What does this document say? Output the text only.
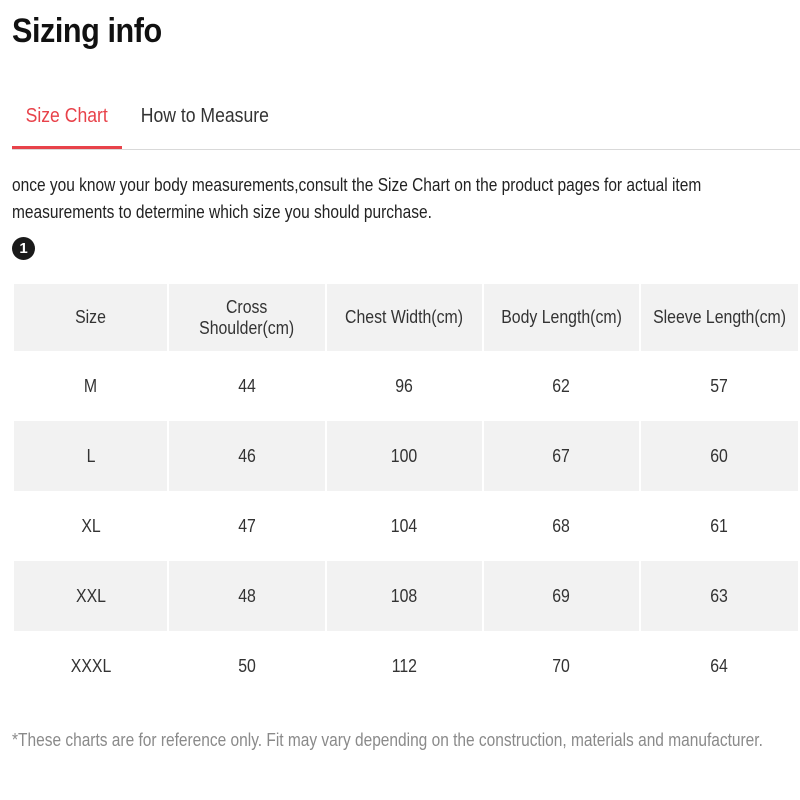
Sizing info
Size Chart	How to Measure
once you know your body measurements,consult the Size Chart on the product pages for actual item measurements to determine which size you should purchase.
1
Size	Cross Shoulder(cm)	Chest Width(cm)	Body Length(cm)	Sleeve Length(cm)
M	44	96	62	57
L	46	100	67	60
XL	47	104	68	61
XXL	48	108	69	63
XXXL	50	112	70	64
*These charts are for reference only. Fit may vary depending on the construction, materials and manufacturer.
